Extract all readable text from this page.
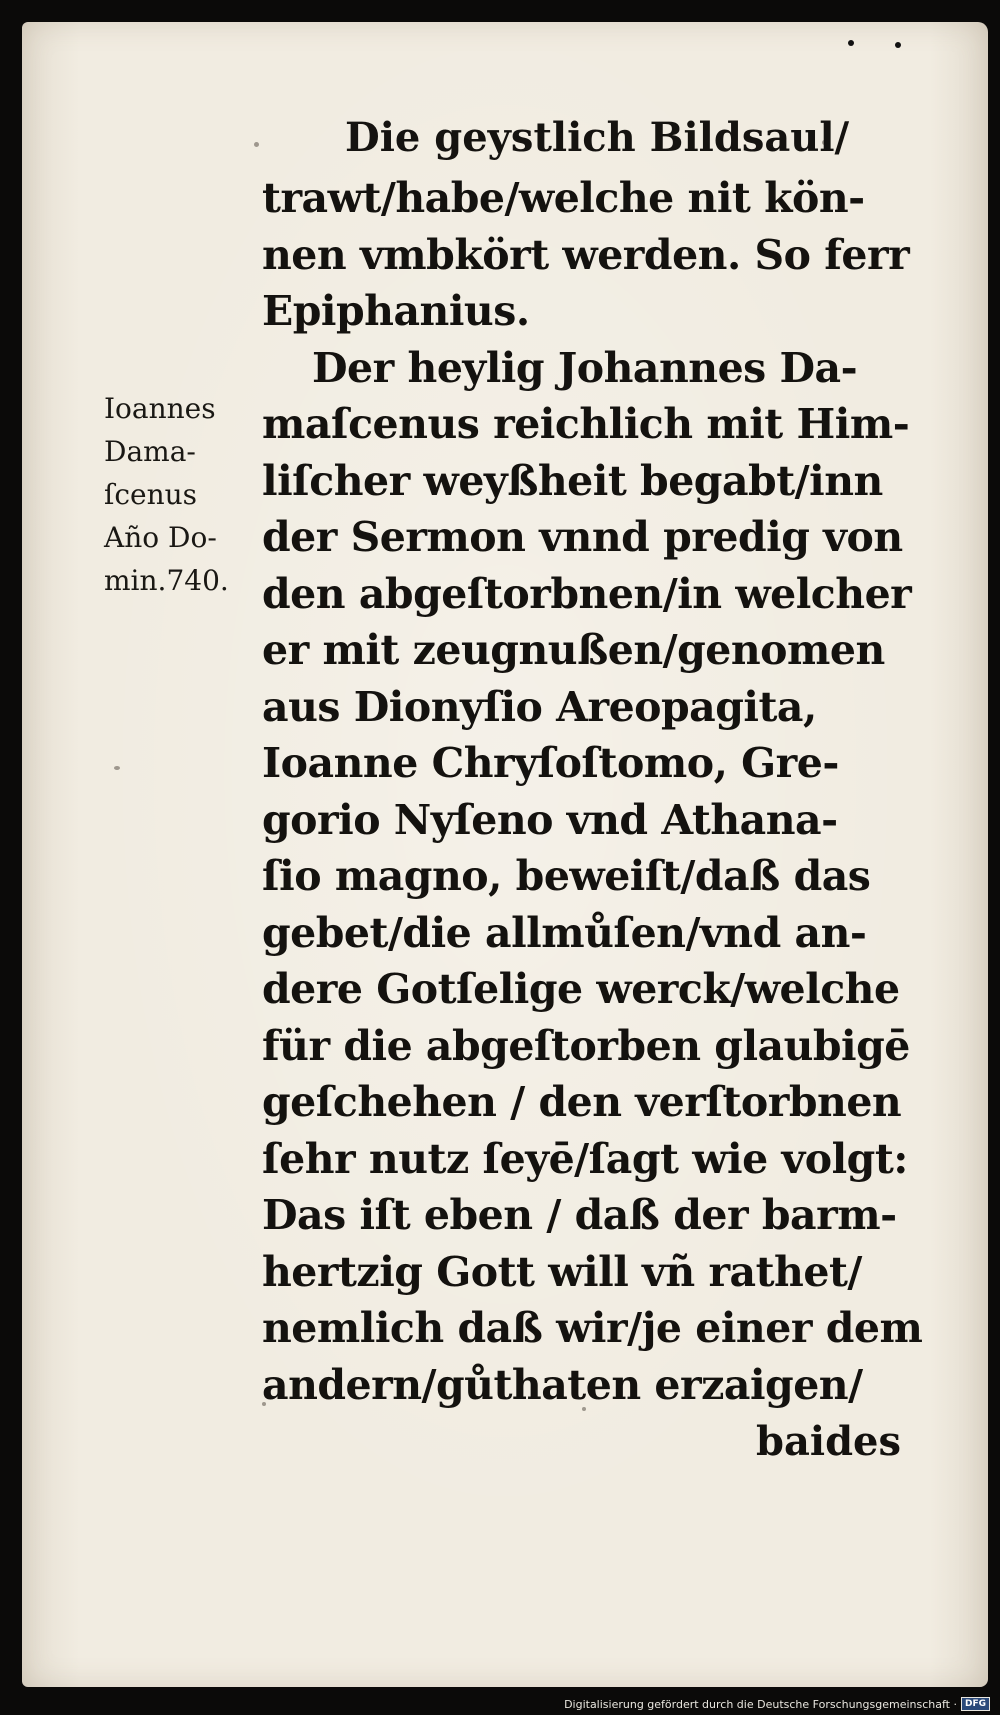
Die geystlich Bildsaul/
Ioannes
Dama-
ſcenus
Año Do-
min.740.
trawt/habe/welche nit kön-
nen vmbkört werden. So ferr
Epiphanius.
Der heylig Johannes Da-
maſcenus reichlich mit Him-
liſcher weyßheit begabt/inn
der Sermon vnnd predig von
den abgeſtorbnen/in welcher
er mit zeugnußen/genomen
aus Dionyſio Areopagita,
Ioanne Chryſoſtomo, Gre-
gorio Nyſeno vnd Athana-
ſio magno, beweiſt/daß das
gebet/die allmůſen/vnd an-
dere Gotſelige werck/welche
für die abgeſtorben glaubigē
geſchehen / den verſtorbnen
ſehr nutz ſeyē/ſagt wie volgt:
Das iſt eben / daß der barm-
hertzig Gott will vñ rathet/
nemlich daß wir/je einer dem
andern/gůthaten erzaigen/
baides
Digitalisierung gefördert durch die Deutsche Forschungsgemeinschaft · DFG
